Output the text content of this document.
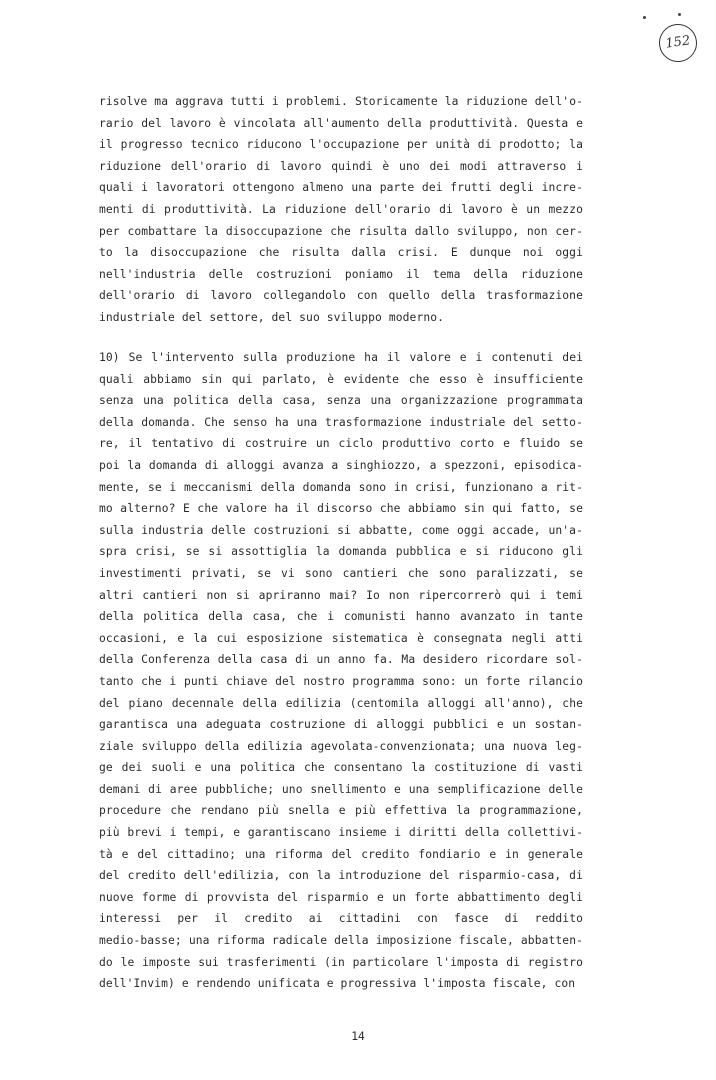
152
risolve ma aggrava tutti i problemi. Storicamente la riduzione dell'o-
rario del lavoro è vincolata all'aumento della produttività. Questa e
il progresso tecnico riducono l'occupazione per unità di prodotto; la
riduzione dell'orario di lavoro quindi è uno dei modi attraverso i
quali i lavoratori ottengono almeno una parte dei frutti degli incre-
menti di produttività. La riduzione dell'orario di lavoro è un mezzo
per combattare la disoccupazione che risulta dallo sviluppo, non cer-
to la disoccupazione che risulta dalla crisi. E dunque noi oggi
nell'industria delle costruzioni poniamo il tema della riduzione
dell'orario di lavoro collegandolo con quello della trasformazione
industriale del settore, del suo sviluppo moderno.
10) Se l'intervento sulla produzione ha il valore e i contenuti dei
quali abbiamo sin qui parlato, è evidente che esso è insufficiente
senza una politica della casa, senza una organizzazione programmata
della domanda. Che senso ha una trasformazione industriale del setto-
re, il tentativo di costruire un ciclo produttivo corto e fluido se
poi la domanda di alloggi avanza a singhiozzo, a spezzoni, episodica-
mente, se i meccanismi della domanda sono in crisi, funzionano a rit-
mo alterno? E che valore ha il discorso che abbiamo sin qui fatto, se
sulla industria delle costruzioni si abbatte, come oggi accade, un'a-
spra crisi, se si assottiglia la domanda pubblica e si riducono gli
investimenti privati, se vi sono cantieri che sono paralizzati, se
altri cantieri non si apriranno mai? Io non ripercorrerò qui i temi
della politica della casa, che i comunisti hanno avanzato in tante
occasioni, e la cui esposizione sistematica è consegnata negli atti
della Conferenza della casa di un anno fa. Ma desidero ricordare sol-
tanto che i punti chiave del nostro programma sono: un forte rilancio
del piano decennale della edilizia (centomila alloggi all'anno), che
garantisca una adeguata costruzione di alloggi pubblici e un sostan-
ziale sviluppo della edilizia agevolata-convenzionata; una nuova leg-
ge dei suoli e una politica che consentano la costituzione di vasti
demani di aree pubbliche; uno snellimento e una semplificazione delle
procedure che rendano più snella e più effettiva la programmazione,
più brevi i tempi, e garantiscano insieme i diritti della collettivi-
tà e del cittadino; una riforma del credito fondiario e in generale
del credito dell'edilizia, con la introduzione del risparmio-casa, di
nuove forme di provvista del risparmio e un forte abbattimento degli
interessi per il credito ai cittadini con fasce di reddito
medio-basse; una riforma radicale della imposizione fiscale, abbatten-
do le imposte sui trasferimenti (in particolare l'imposta di registro
dell'Invim) e rendendo unificata e progressiva l'imposta fiscale, con
14
